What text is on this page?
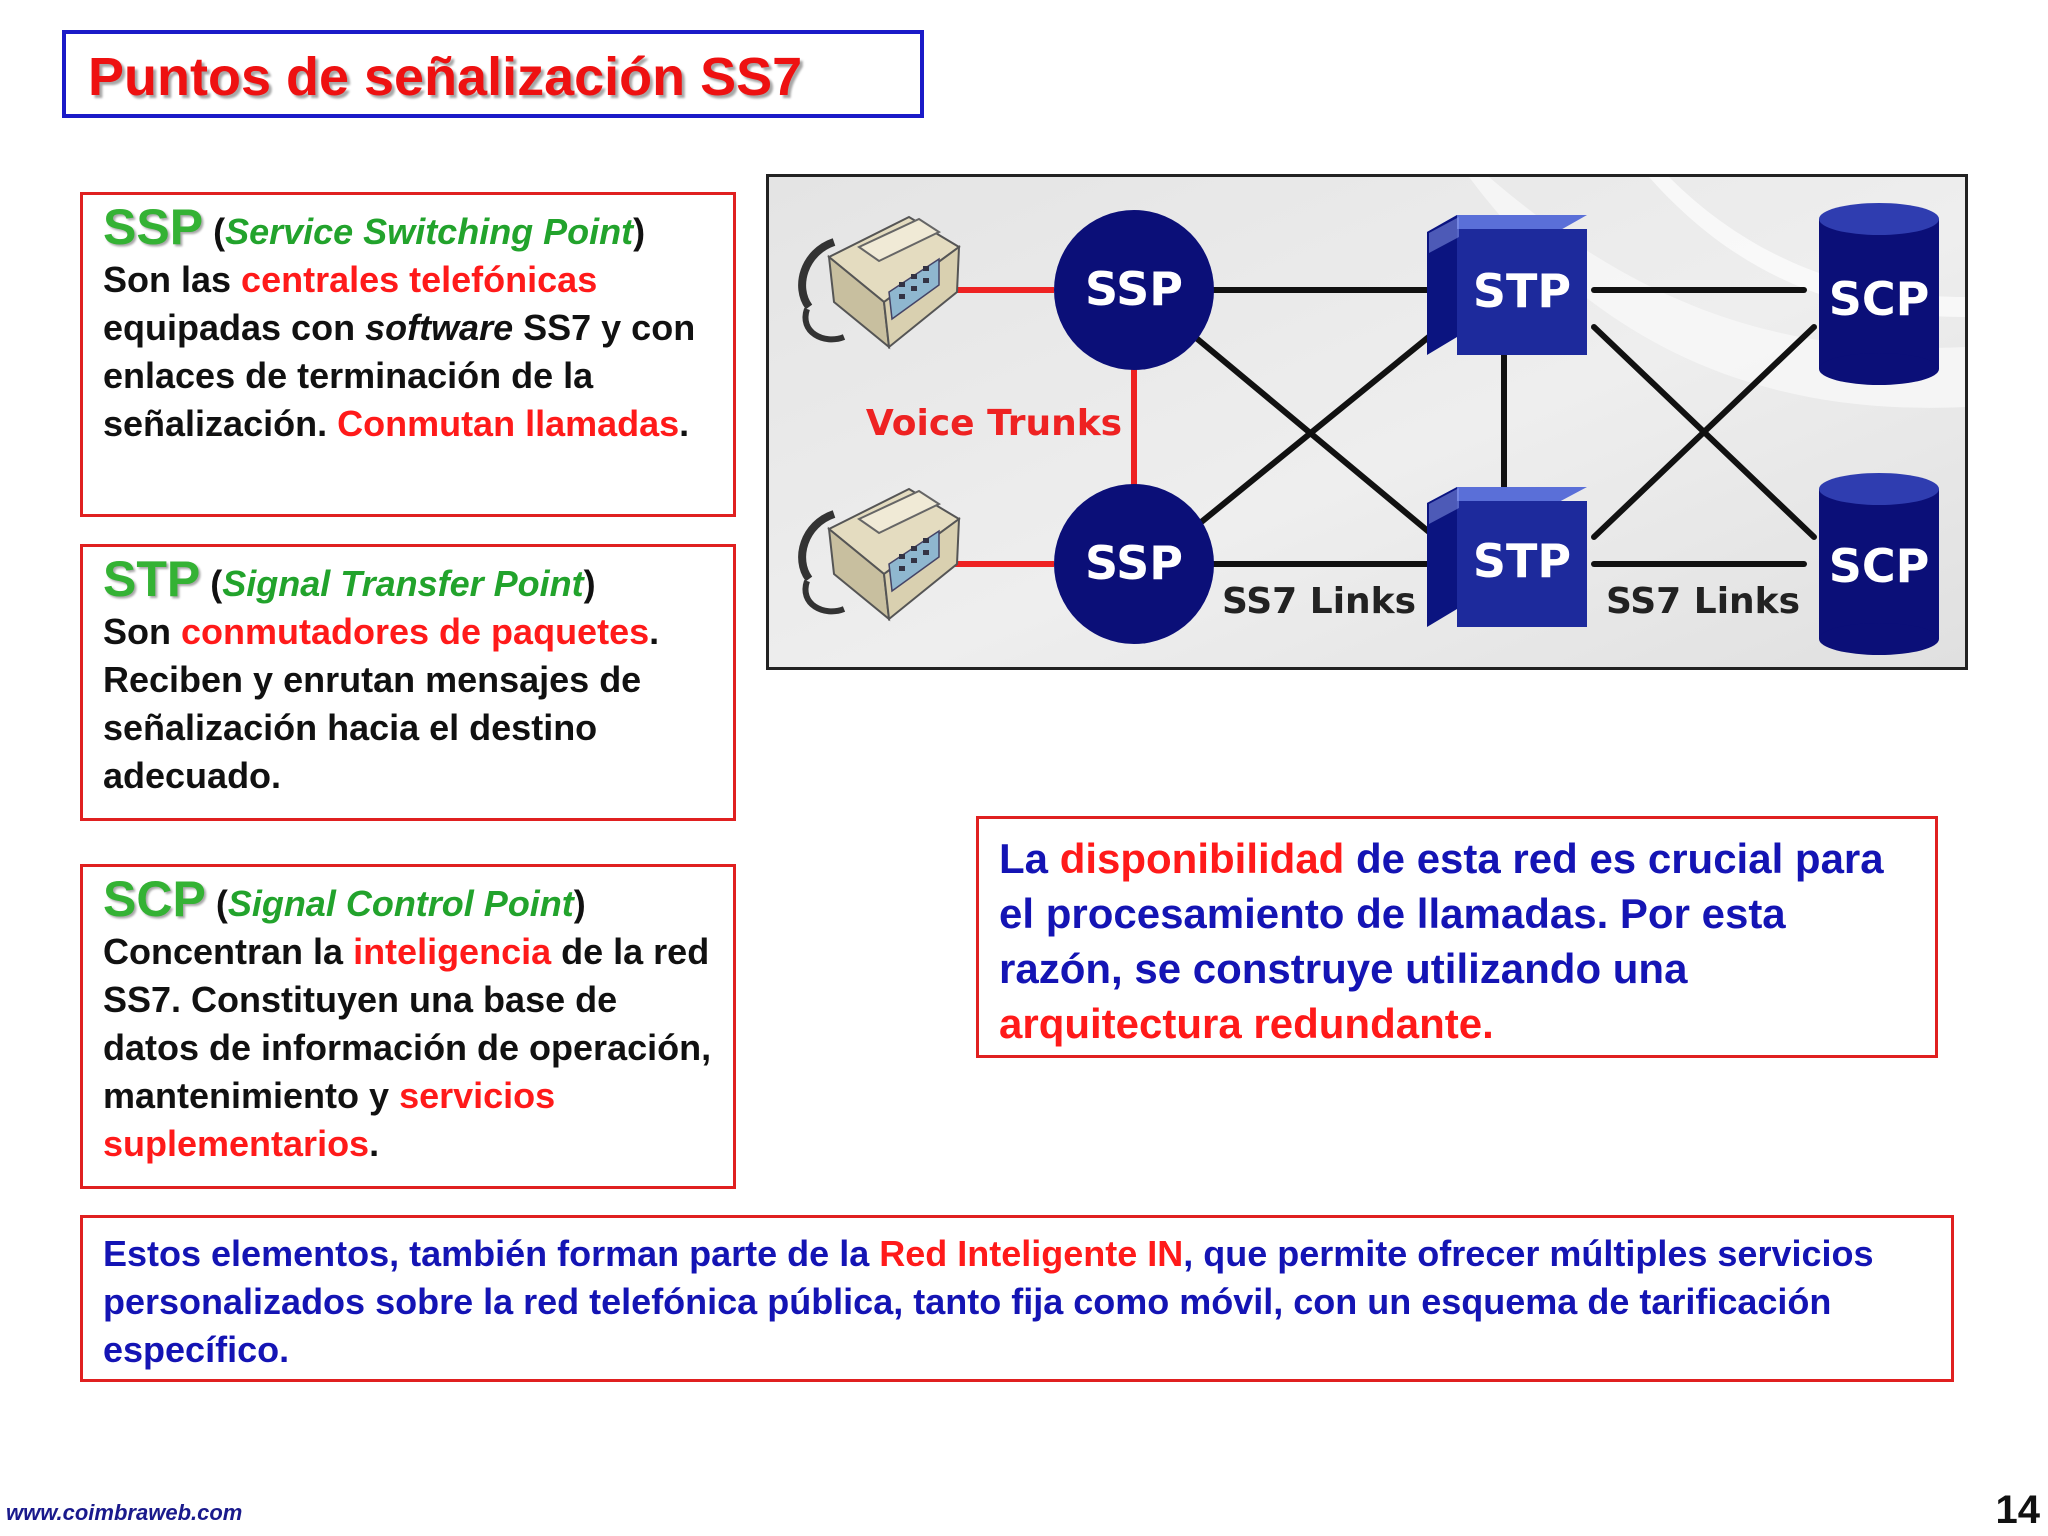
Puntos de señalización SS7
SSP (Service Switching Point)
Son las centrales telefónicas equipadas con software SS7 y con enlaces de terminación de la señalización. Conmutan llamadas.
STP (Signal Transfer Point)
Son conmutadores de paquetes. Reciben y enrutan mensajes de señalización hacia el destino adecuado.
SCP (Signal Control Point)
Concentran la inteligencia de la red SS7. Constituyen una base de datos de información de operación, mantenimiento y servicios suplementarios.
SSP
SSP
STP
STP
SCP
SCP
Voice Trunks
SS7 Links	SS7 Links
La disponibilidad de esta red es crucial para el procesamiento de llamadas. Por esta razón, se construye utilizando una arquitectura redundante.
Estos elementos, también forman parte de la Red Inteligente IN, que permite ofrecer múltiples servicios personalizados sobre la red telefónica pública, tanto fija como móvil, con un esquema de tarificación específico.
www.coimbraweb.com	14
